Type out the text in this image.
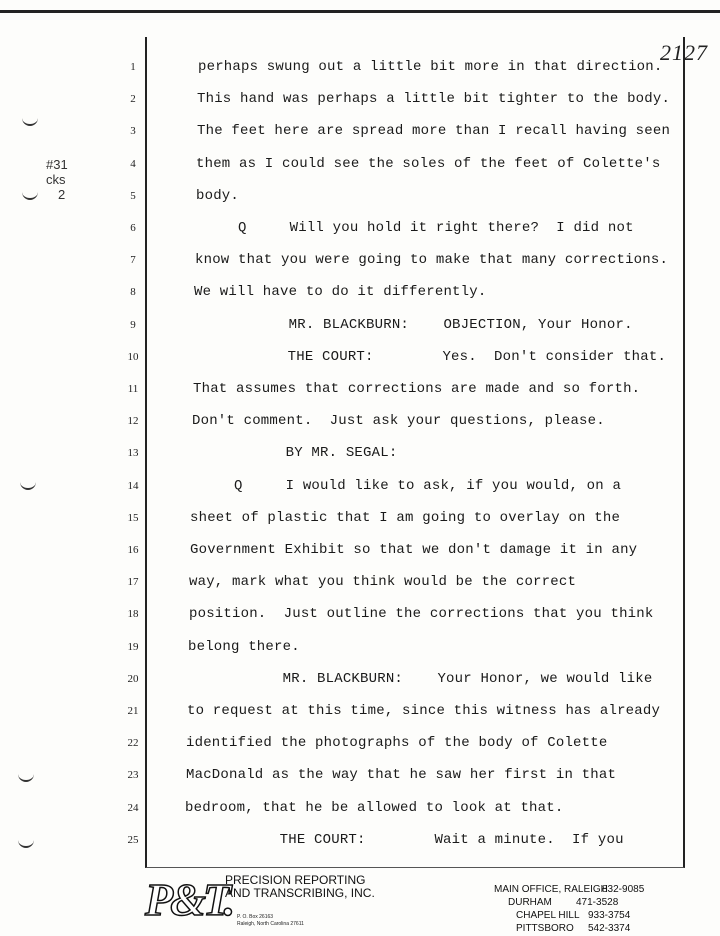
2127
#31
cks
2
1	perhaps swung out a little bit more in that direction.
2	This hand was perhaps a little bit tighter to the body.
3	The feet here are spread more than I recall having seen
4	them as I could see the soles of the feet of Colette's
5	body.
6	Q     Will you hold it right there?  I did not
7	know that you were going to make that many corrections.
8	We will have to do it differently.
9	MR. BLACKBURN:    OBJECTION, Your Honor.
10	THE COURT:        Yes.  Don't consider that.
11	That assumes that corrections are made and so forth.
12	Don't comment.  Just ask your questions, please.
13	BY MR. SEGAL:
14	Q     I would like to ask, if you would, on a
15	sheet of plastic that I am going to overlay on the
16	Government Exhibit so that we don't damage it in any
17	way, mark what you think would be the correct
18	position.  Just outline the corrections that you think
19	belong there.
20	MR. BLACKBURN:    Your Honor, we would like
21	to request at this time, since this witness has already
22	identified the photographs of the body of Colette
23	MacDonald as the way that he saw her first in that
24	bedroom, that he be allowed to look at that.
25	THE COURT:        Wait a minute.  If you
P&T.
PRECISION REPORTING
AND TRANSCRIBING, INC.
P. O. Box 26163
Raleigh, North Carolina 27611
MAIN OFFICE, RALEIGH832-9085
DURHAM 471-3528
CHAPEL HILL 933-3754
PITTSBORO 542-3374
